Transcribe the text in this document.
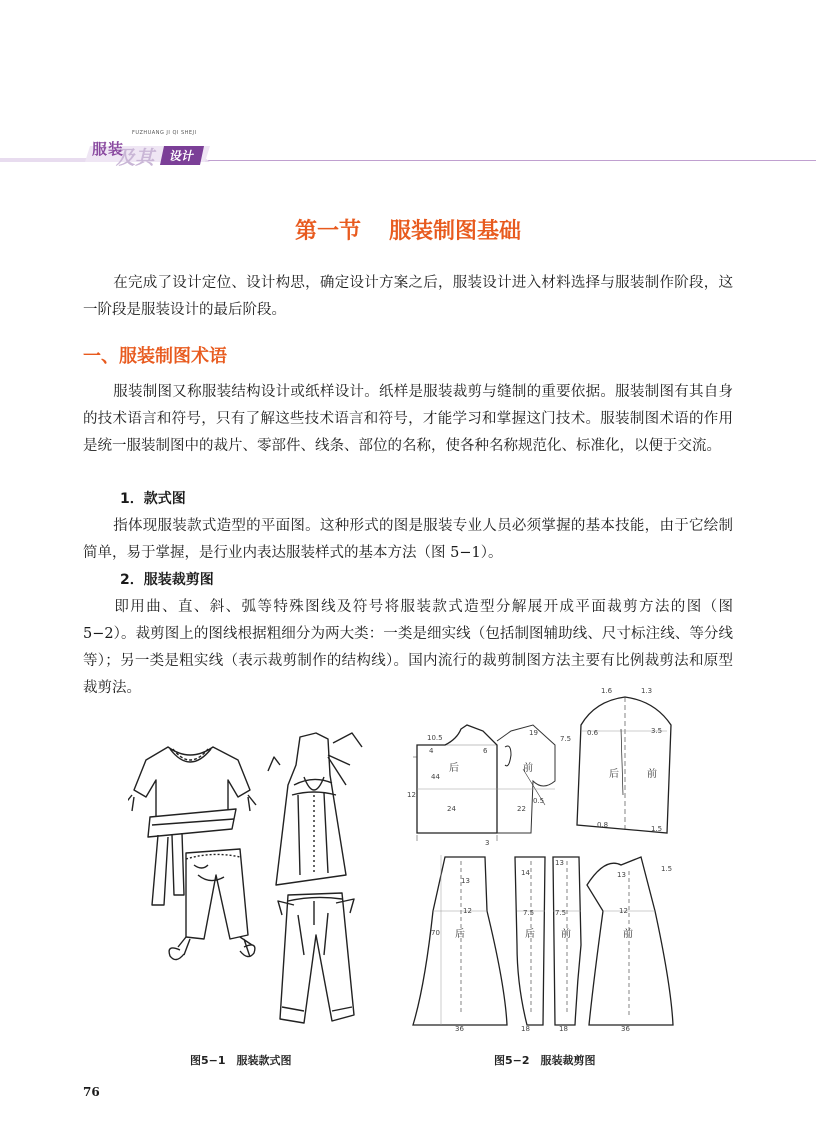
FUZHUANG JI QI SHEJI
服装
及其	设计
第一节 服装制图基础
在完成了设计定位、设计构思，确定设计方案之后，服装设计进入材料选择与服装制作阶段，这一阶段是服装设计的最后阶段。
一、服装制图术语
服装制图又称服装结构设计或纸样设计。纸样是服装裁剪与缝制的重要依据。服装制图有其自身的技术语言和符号，只有了解这些技术语言和符号，才能学习和掌握这门技术。服装制图术语的作用是统一服装制图中的裁片、零部件、线条、部位的名称，使各种名称规范化、标准化，以便于交流。
1．款式图
指体现服装款式造型的平面图。这种形式的图是服装专业人员必须掌握的基本技能，由于它绘制简单，易于掌握，是行业内表达服装样式的基本方法（图 5−1）。
2．服装裁剪图
即用曲、直、斜、弧等特殊图线及符号将服装款式造型分解展开成平面裁剪方法的图（图 5−2）。裁剪图上的图线根据粗细分为两大类：一类是细实线（包括制图辅助线、尺寸标注线、等分线等）；另一类是粗实线（表示裁剪制作的结构线）。国内流行的裁剪制图方法主要有比例裁剪法和原型裁剪法。
图5−1　服装款式图
10.5
19
7.5
4	6
44
12
24	22
0.5
3
1.6	1.3
0.6	3.5
0.8	1.5
13
12
70
14
7.5	7.5
13
13
12
1.5
36	18	18	36
后	前
后	前
后	后	前	前
图5−2　服装裁剪图
76
